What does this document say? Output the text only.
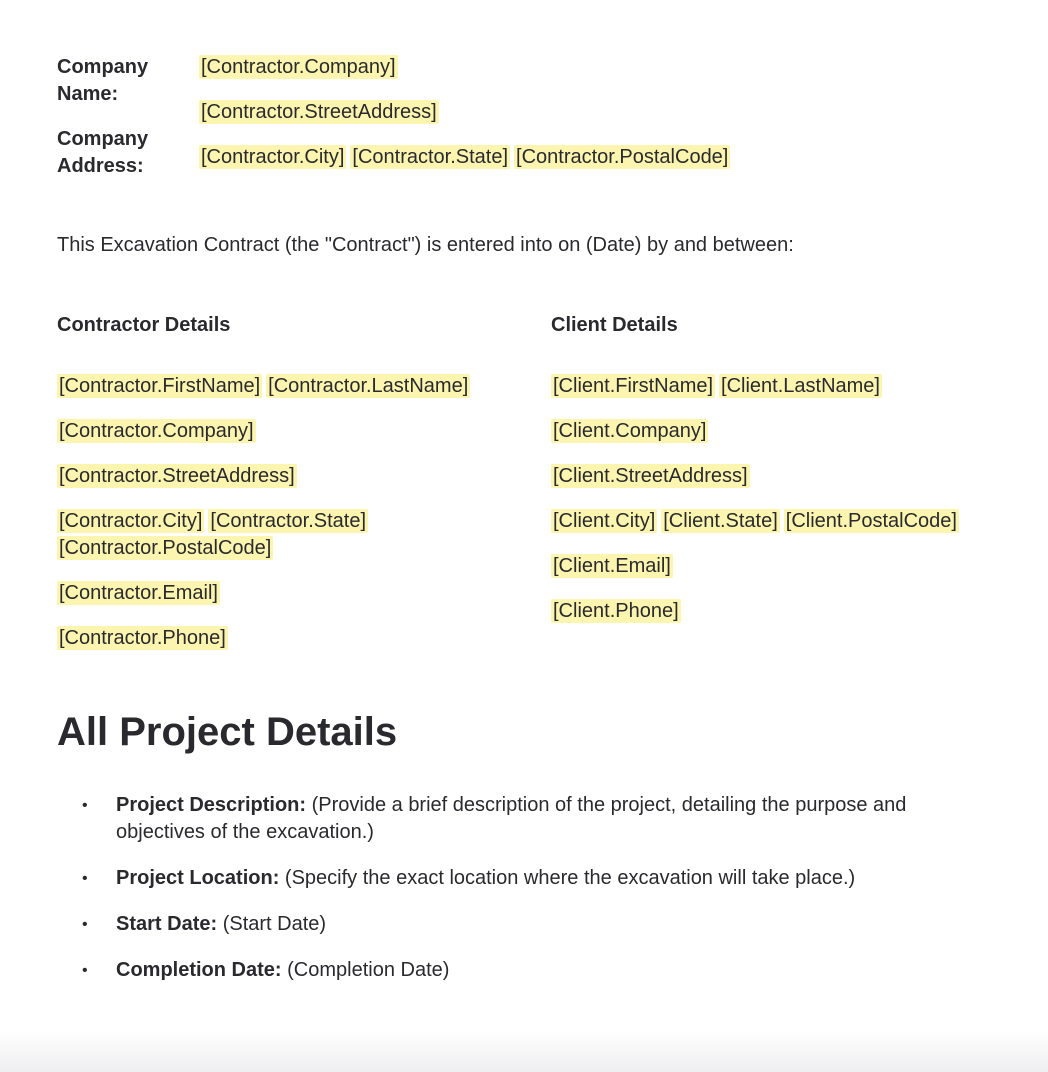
Company Name:
Company Address:
[Contractor.Company]
[Contractor.StreetAddress]
[Contractor.City] [Contractor.State] [Contractor.PostalCode]
This Excavation Contract (the "Contract") is entered into on (Date) by and between:
Contractor Details
[Contractor.FirstName] [Contractor.LastName]
[Contractor.Company]
[Contractor.StreetAddress]
[Contractor.City] [Contractor.State]
[Contractor.PostalCode]
[Contractor.Email]
[Contractor.Phone]
Client Details
[Client.FirstName] [Client.LastName]
[Client.Company]
[Client.StreetAddress]
[Client.City] [Client.State] [Client.PostalCode]
[Client.Email]
[Client.Phone]
All Project Details
• Project Description: (Provide a brief description of the project, detailing the purpose and objectives of the excavation.)
• Project Location: (Specify the exact location where the excavation will take place.)
• Start Date: (Start Date)
• Completion Date: (Completion Date)
